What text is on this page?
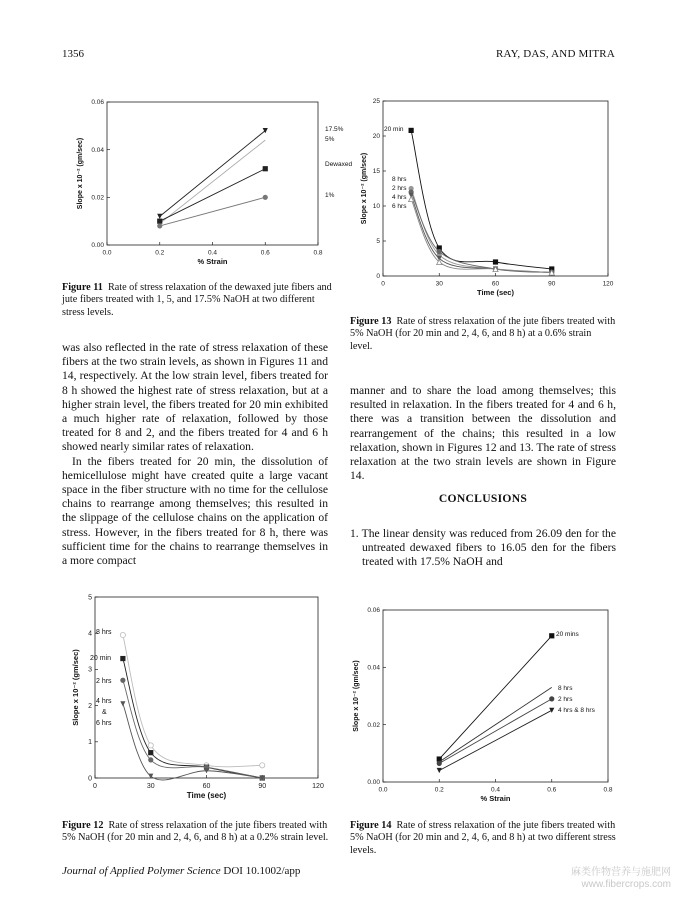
1356	RAY, DAS, AND MITRA
0.0	0.2	0.4	0.6	0.8
0.00
0.02
0.04
0.06
% Strain
Slope x 10⁻² (gm/sec)
17.5%
5%
Dewaxed
1%
Figure 11 Rate of stress relaxation of the dewaxed jute fibers and jute fibers treated with 1, 5, and 17.5% NaOH at two different stress levels.
0	30	60	90	120
0
5
10
15
20
25
Time (sec)
Slope x 10⁻² (gm/sec)
20 min
8 hrs
2 hrs
4 hrs
6 hrs
Figure 13 Rate of stress relaxation of the jute fibers treated with 5% NaOH (for 20 min and 2, 4, 6, and 8 h) at a 0.6% strain level.

was also reflected in the rate of stress relaxation of these fibers at the two strain levels, as shown in Figures 11 and 14, respectively. At the low strain level, fibers treated for 8 h showed the highest rate of stress relaxation, but at a higher strain level, the fibers treated for 20 min exhibited a much higher rate of relaxation, followed by those treated for 8 and 2, and the fibers treated for 4 and 6 h showed nearly similar rates of relaxation.

In the fibers treated for 20 min, the dissolution of hemicellulose might have created quite a large vacant space in the fiber structure with no time for the cellulose chains to rearrange among themselves; this resulted in the slippage of the cellulose chains on the application of stress. However, in the fibers treated for 8 h, there was sufficient time for the chains to rearrange themselves in a more compact

manner and to share the load among themselves; this resulted in relaxation. In the fibers treated for 4 and 6 h, there was a transition between the dissolution and rearrangement of the chains; this resulted in a low relaxation, shown in Figures 12 and 13. The rate of stress relaxation at the two strain levels are shown in Figure 14.

CONCLUSIONS
1. The linear density was reduced from 26.09 den for the untreated dewaxed fibers to 16.05 den for the fibers treated with 17.5% NaOH and
0	30	60	90	120
0
1
2
3
4
5
Time (sec)
Slope x 10⁻² (gm/sec)
8 hrs
20 min
2 hrs
4 hrs
&
6 hrs
Figure 12 Rate of stress relaxation of the jute fibers treated with 5% NaOH (for 20 min and 2, 4, 6, and 8 h) at a 0.2% strain level.
0.0	0.2	0.4	0.6	0.8
0.00
0.02
0.04
0.06
% Strain
Slope x 10⁻² (gm/sec)
20 mins
8 hrs
2 hrs
4 hrs & 8 hrs
Figure 14 Rate of stress relaxation of the jute fibers treated with 5% NaOH (for 20 min and 2, 4, 6, and 8 h) at two different stress levels.
Journal of Applied Polymer Science DOI 10.1002/app	麻类作物营养与施肥网
www.fibercrops.com
